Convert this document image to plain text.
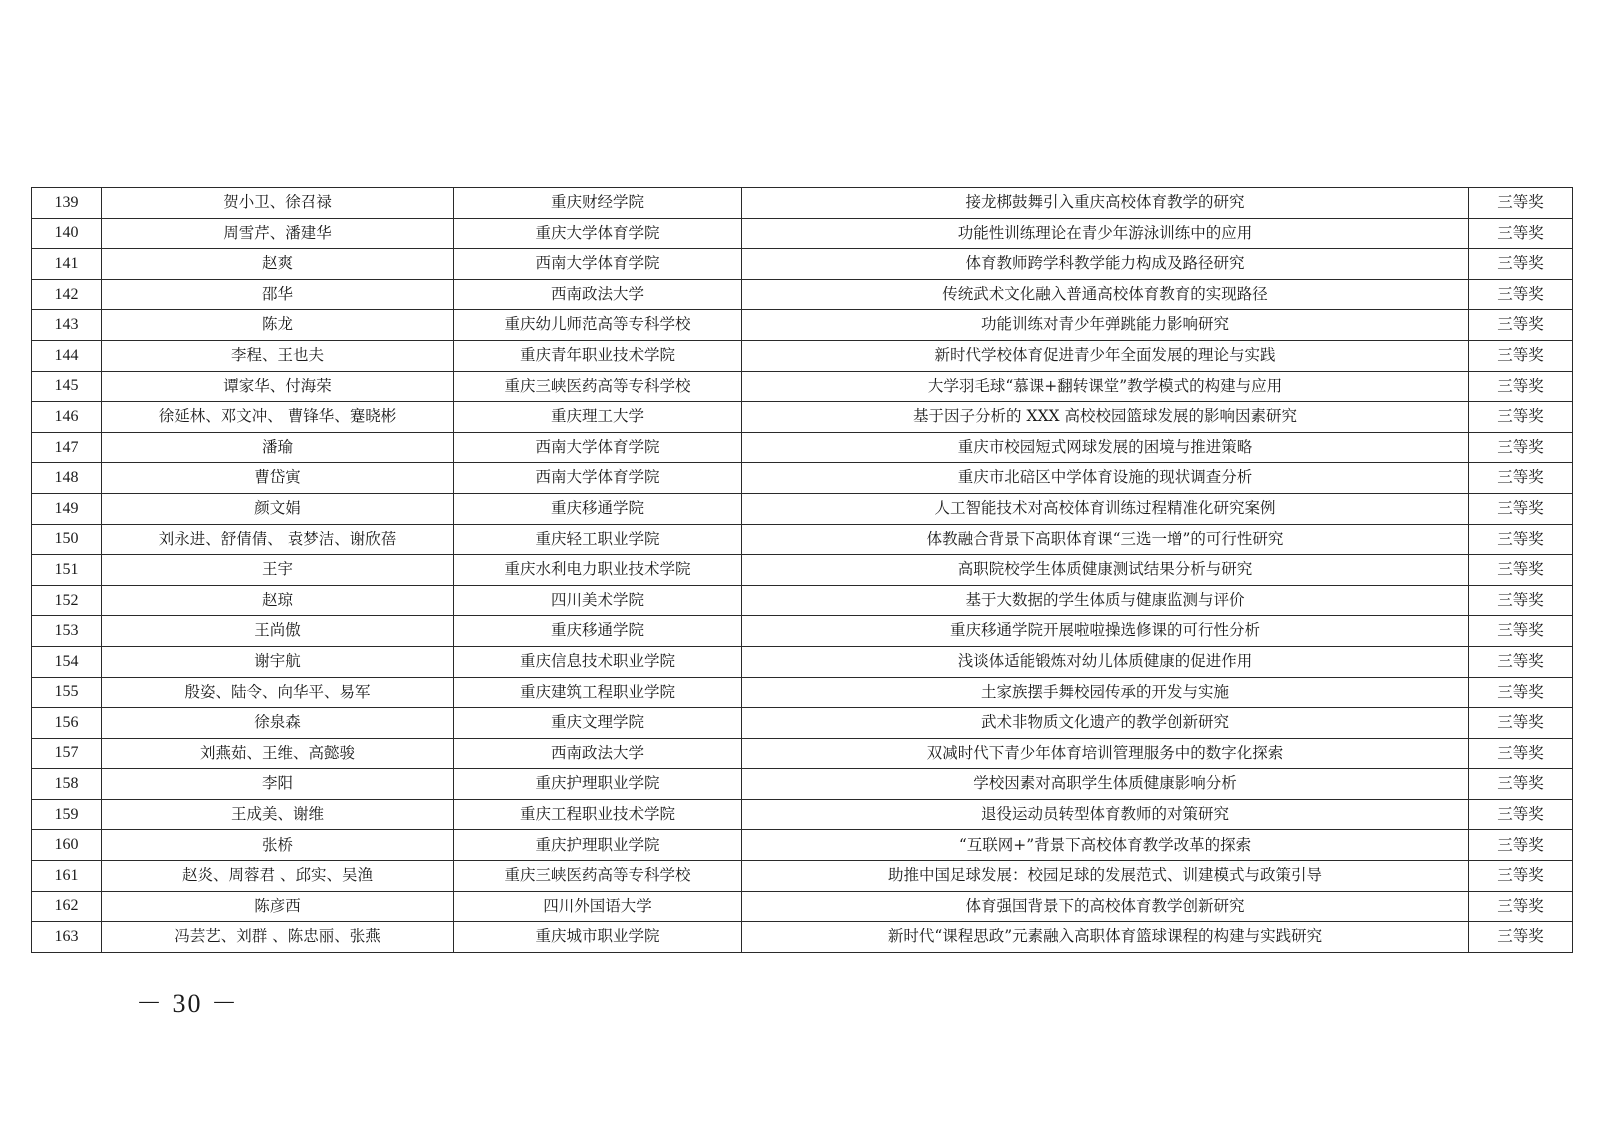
139	贺小卫、徐召禄	重庆财经学院	接龙梆鼓舞引入重庆高校体育教学的研究	三等奖
140	周雪芹、潘建华	重庆大学体育学院	功能性训练理论在青少年游泳训练中的应用	三等奖
141	赵爽	西南大学体育学院	体育教师跨学科教学能力构成及路径研究	三等奖
142	邵华	西南政法大学	传统武术文化融入普通高校体育教育的实现路径	三等奖
143	陈龙	重庆幼儿师范高等专科学校	功能训练对青少年弹跳能力影响研究	三等奖
144	李程、王也夫	重庆青年职业技术学院	新时代学校体育促进青少年全面发展的理论与实践	三等奖
145	谭家华、付海荣	重庆三峡医药高等专科学校	大学羽毛球“慕课+翻转课堂”教学模式的构建与应用	三等奖
146	徐延林、邓文冲、 曹锋华、蹇晓彬	重庆理工大学	基于因子分析的 XXX 高校校园篮球发展的影响因素研究	三等奖
147	潘瑜	西南大学体育学院	重庆市校园短式网球发展的困境与推进策略	三等奖
148	曹岱寅	西南大学体育学院	重庆市北碚区中学体育设施的现状调查分析	三等奖
149	颜文娟	重庆移通学院	人工智能技术对高校体育训练过程精准化研究案例	三等奖
150	刘永进、舒倩倩、 袁梦洁、谢欣蓓	重庆轻工职业学院	体教融合背景下高职体育课“三选一增”的可行性研究	三等奖
151	王宇	重庆水利电力职业技术学院	高职院校学生体质健康测试结果分析与研究	三等奖
152	赵琼	四川美术学院	基于大数据的学生体质与健康监测与评价	三等奖
153	王尚傲	重庆移通学院	重庆移通学院开展啦啦操选修课的可行性分析	三等奖
154	谢宇航	重庆信息技术职业学院	浅谈体适能锻炼对幼儿体质健康的促进作用	三等奖
155	殷姿、陆令、向华平、易军	重庆建筑工程职业学院	土家族摆手舞校园传承的开发与实施	三等奖
156	徐泉森	重庆文理学院	武术非物质文化遗产的教学创新研究	三等奖
157	刘燕茹、王维、高懿骏	西南政法大学	双减时代下青少年体育培训管理服务中的数字化探索	三等奖
158	李阳	重庆护理职业学院	学校因素对高职学生体质健康影响分析	三等奖
159	王成美、谢维	重庆工程职业技术学院	退役运动员转型体育教师的对策研究	三等奖
160	张桥	重庆护理职业学院	“互联网+”背景下高校体育教学改革的探索	三等奖
161	赵炎、周蓉君 、邱实、吴渔	重庆三峡医药高等专科学校	助推中国足球发展：校园足球的发展范式、训建模式与政策引导	三等奖
162	陈彦西	四川外国语大学	体育强国背景下的高校体育教学创新研究	三等奖
163	冯芸艺、刘群 、陈忠丽、张燕	重庆城市职业学院	新时代“课程思政”元素融入高职体育篮球课程的构建与实践研究	三等奖
－ 30 －
